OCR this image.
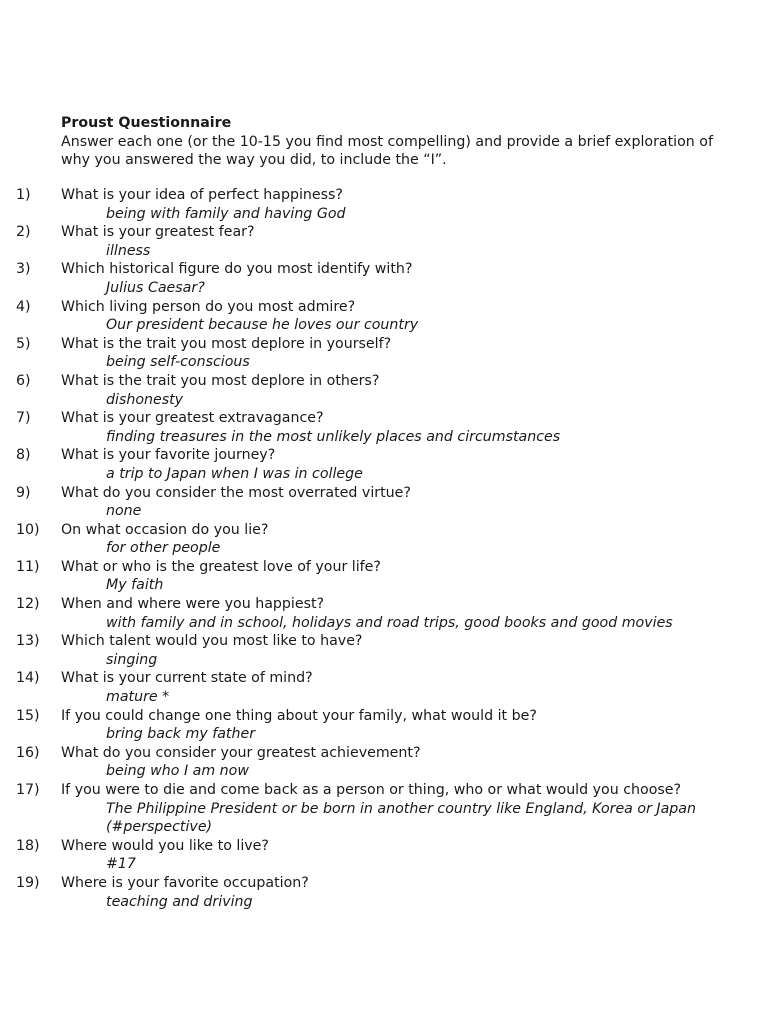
Proust Questionnaire

Answer each one (or the 10-15 you find most compelling) and provide a brief exploration of why you answered the way you did, to include the “I”.

1)	What is your idea of perfect happiness?
being with family and having God
2)	What is your greatest fear?
illness
3)	Which historical figure do you most identify with?
Julius Caesar?
4)	Which living person do you most admire?
Our president because he loves our country
5)	What is the trait you most deplore in yourself?
being self-conscious
6)	What is the trait you most deplore in others?
dishonesty
7)	What is your greatest extravagance?
finding treasures in the most unlikely places and circumstances
8)	What is your favorite journey?
a trip to Japan when I was in college
9)	What do you consider the most overrated virtue?
none
10)	On what occasion do you lie?
for other people
11)	What or who is the greatest love of your life?
My faith
12)	When and where were you happiest?
with family and in school, holidays and road trips, good books and good movies
13)	Which talent would you most like to have?
singing
14)	What is your current state of mind?
mature *
15)	If you could change one thing about your family, what would it be?
bring back my father
16)	What do you consider your greatest achievement?
being who I am now
17)	If you were to die and come back as a person or thing, who or what would you choose?
The Philippine President or be born in another country like England, Korea or Japan (#perspective)
18)	Where would you like to live?
#17
19)	Where is your favorite occupation?
teaching and driving
